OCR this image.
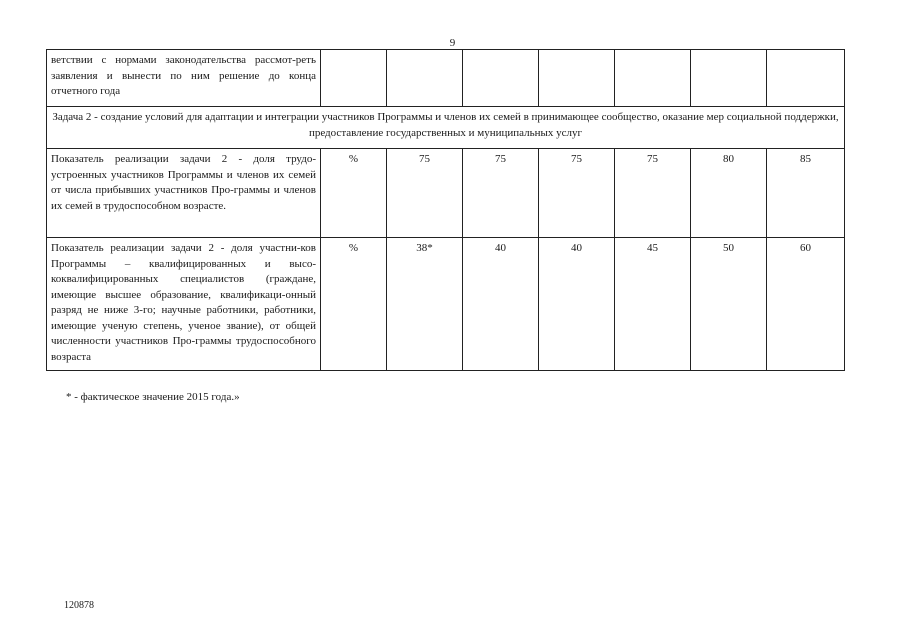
9
ветствии с нормами законодательства рассмот-реть заявления и вынести по ним решение до конца отчетного года							
Задача 2 - создание условий для адаптации и интеграции участников Программы и членов их семей в принимающее сообщество, оказание мер социальной поддержки, предоставление государственных и муниципальных услуг							
Показатель реализации задачи 2 - доля трудо-устроенных участников Программы и членов их семей от числа прибывших участников Про-граммы и членов их семей в трудоспособном возрасте.	%	75	75	75	75	80	85
Показатель реализации задачи 2 - доля участни-ков Программы – квалифицированных и высо-коквалифицированных специалистов (граждане, имеющие высшее образование, квалификаци-онный разряд не ниже 3-го; научные работники, работники, имеющие ученую степень, ученое звание), от общей численности участников Про-граммы трудоспособного возраста	%	38*	40	40	45	50	60
* - фактическое значение 2015 года.»
120878
